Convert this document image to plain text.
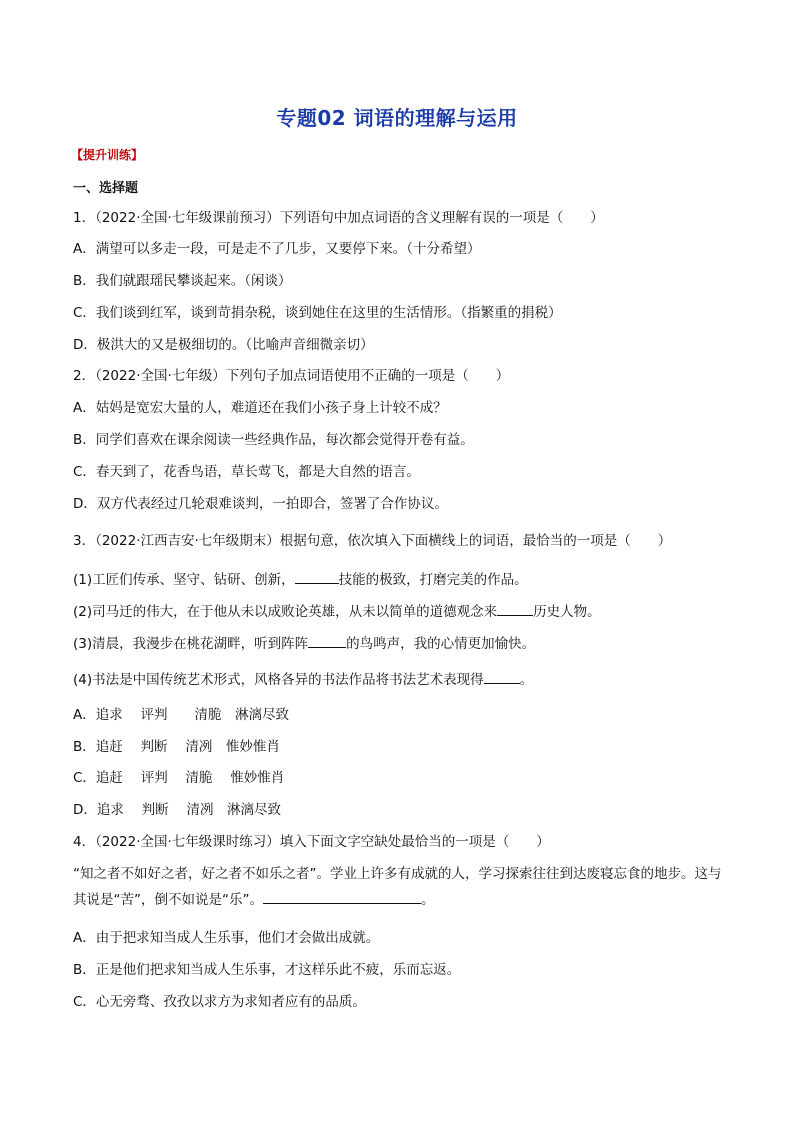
专题02 词语的理解与运用
【提升训练】
一、选择题
1．（2022·全国·七年级课前预习）下列语句中加点词语的含义理解有误的一项是（　　）
A．满望可以多走一段，可是走不了几步，又要停下来。（十分希望）
B．我们就跟瑶民攀谈起来。（闲谈）
C．我们谈到红军，谈到苛捐杂税，谈到她住在这里的生活情形。（指繁重的捐税）
D．极洪大的又是极细切的。（比喻声音细微亲切）
2．（2022·全国·七年级）下列句子加点词语使用不正确的一项是（　　）
A．姑妈是宽宏大量的人，难道还在我们小孩子身上计较不成？
B．同学们喜欢在课余阅读一些经典作品，每次都会觉得开卷有益。
C．春天到了，花香鸟语，草长莺飞，都是大自然的语言。
D．双方代表经过几轮艰难谈判，一拍即合，签署了合作协议。
3．（2022·江西吉安·七年级期末）根据句意，依次填入下面横线上的词语，最恰当的一项是（　　）
(1)工匠们传承、坚守、钻研、创新，	技能的极致，打磨完美的作品。
(2)司马迁的伟大，在于他从未以成败论英雄，从未以简单的道德观念来	历史人物。
(3)清晨，我漫步在桃花湖畔，听到阵阵	的鸟鸣声，我的心情更加愉快。
(4)书法是中国传统艺术形式，风格各异的书法作品将书法艺术表现得	。
A．追求　 评判　　清脆　淋漓尽致
B．追赶　 判断　 清冽　惟妙惟肖
C．追赶　 评判　 清脆　 惟妙惟肖
D．追求　 判断　 清冽　淋漓尽致
4．（2022·全国·七年级课时练习）填入下面文字空缺处最恰当的一项是（　　）
“知之者不如好之者，好之者不如乐之者”。学业上许多有成就的人，学习探索往往到达废寝忘食的地步。这与其说是“苦”，倒不如说是“乐”。	。
A．由于把求知当成人生乐事，他们才会做出成就。
B．正是他们把求知当成人生乐事，才这样乐此不疲，乐而忘返。
C．心无旁骛、孜孜以求方为求知者应有的品质。
